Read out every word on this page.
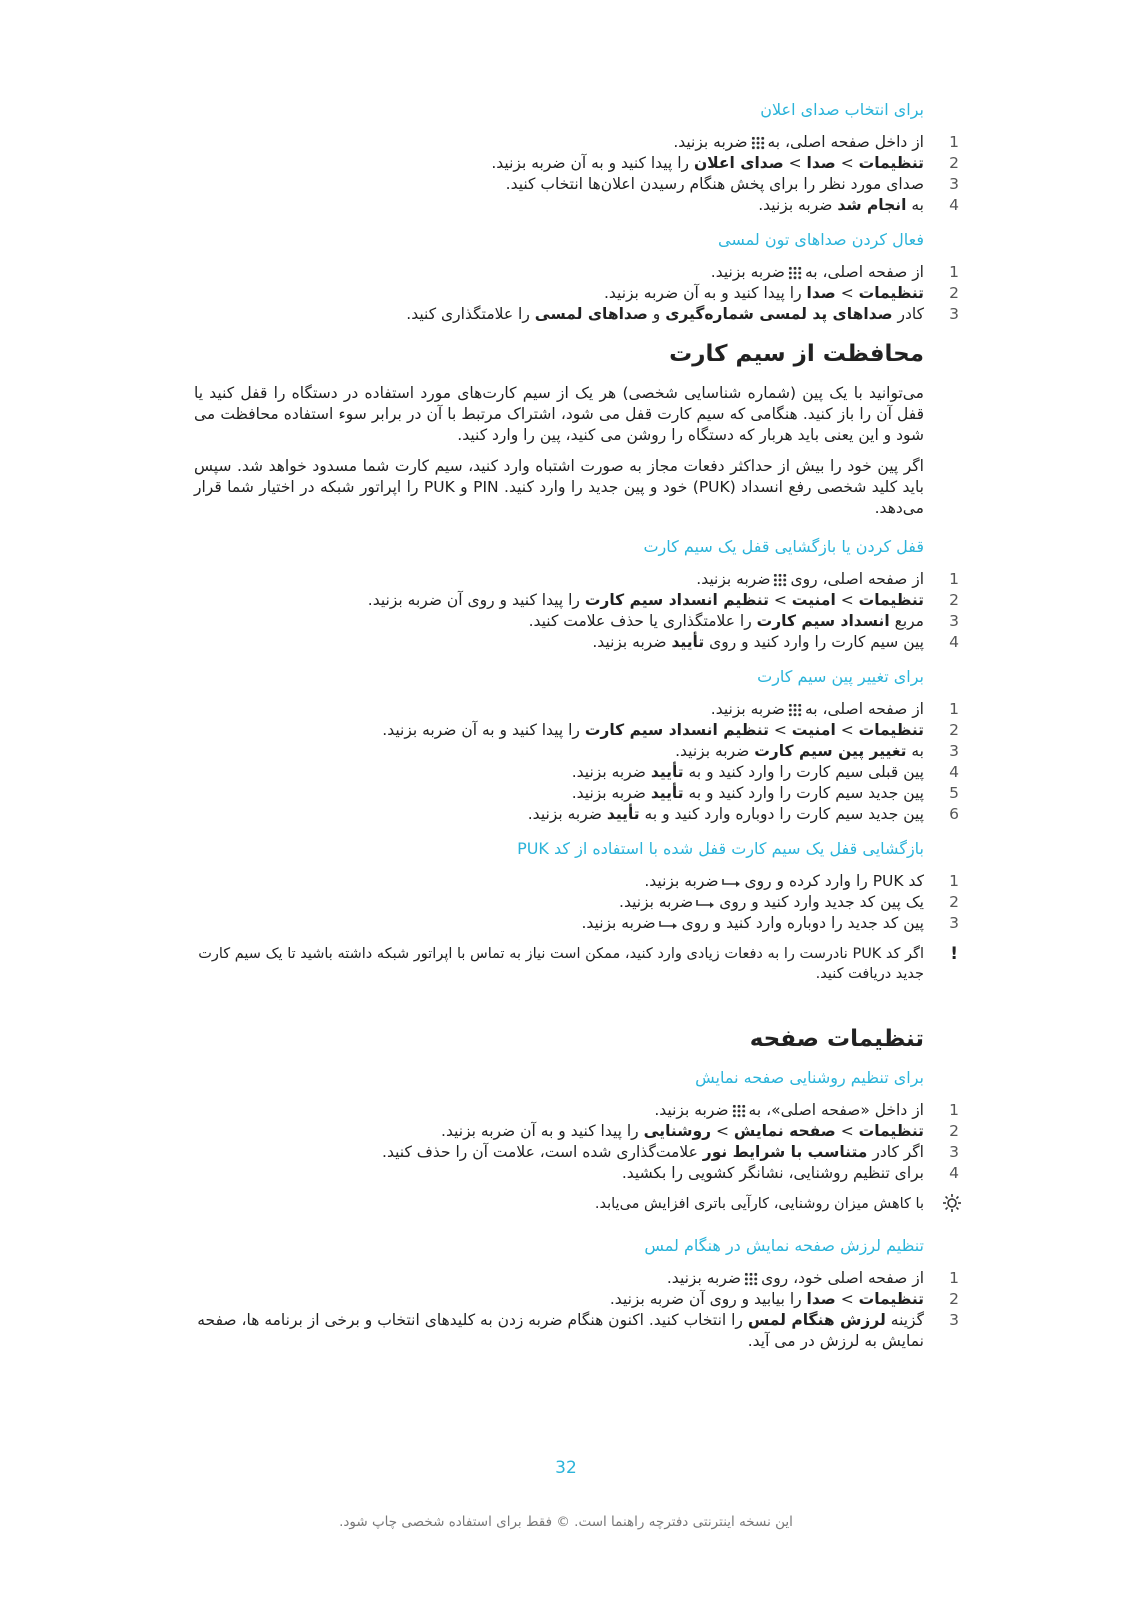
برای انتخاب صدای اعلان
1
از داخل صفحه اصلی، بهضربه بزنید.
2
تنظیمات > صدا > صدای اعلان را پیدا کنید و به آن ضربه بزنید.
3
صدای مورد نظر را برای پخش هنگام رسیدن اعلان‌ها انتخاب کنید.
4
به انجام شد ضربه بزنید.
فعال کردن صداهای تون لمسی
1
از صفحه اصلی، بهضربه بزنید.
2
تنظیمات > صدا را پیدا کنید و به آن ضربه بزنید.
3
کادر صداهای پد لمسی شماره‌گیری و صداهای لمسی را علامتگذاری کنید.
محافظت از سیم کارت

می‌توانید با یک پین (شماره شناسایی شخصی) هر یک از سیم کارت‌های مورد استفاده در دستگاه را قفل کنید یا قفل آن را باز کنید. هنگامی که سیم کارت قفل می شود، اشتراک مرتبط با آن در برابر سوء استفاده محافظت می شود و این یعنی باید هربار که دستگاه را روشن می کنید، پین را وارد کنید.

اگر پین خود را بیش از حداکثر دفعات مجاز به صورت اشتباه وارد کنید، سیم کارت شما مسدود خواهد شد. سپس باید کلید شخصی رفع انسداد (PUK) خود و پین جدید را وارد کنید. PIN و PUK را اپراتور شبکه در اختیار شما قرار می‌دهد.

قفل کردن یا بازگشایی قفل یک سیم کارت
1
از صفحه اصلی، رویضربه بزنید.
2
تنظیمات > امنیت > تنظیم انسداد سیم کارت را پیدا کنید و روی آن ضربه بزنید.
3
مربع انسداد سیم کارت را علامتگذاری یا حذف علامت کنید.
4
پین سیم کارت را وارد کنید و روی تأیید ضربه بزنید.
برای تغییر پین سیم کارت
1
از صفحه اصلی، بهضربه بزنید.
2
تنظیمات > امنیت > تنظیم انسداد سیم کارت را پیدا کنید و به آن ضربه بزنید.
3
به تغییر پین سیم کارت ضربه بزنید.
4
پین قبلی سیم کارت را وارد کنید و به تأیید ضربه بزنید.
5
پین جدید سیم کارت را وارد کنید و به تأیید ضربه بزنید.
6
پین جدید سیم کارت را دوباره وارد کنید و به تأیید ضربه بزنید.
بازگشایی قفل یک سیم کارت قفل شده با استفاده از کد PUK
1
کد PUK را وارد کرده و روی
ضربه بزنید.
2
یک پین کد جدید وارد کنید و روی
ضربه بزنید.
3
پین کد جدید را دوباره وارد کنید و روی
ضربه بزنید.
!
اگر کد PUK نادرست را به دفعات زیادی وارد کنید، ممکن است نیاز به تماس با اپراتور شبکه داشته باشید تا یک سیم کارت جدید دریافت کنید.
تنظیمات صفحه
برای تنظیم روشنایی صفحه نمایش
1
از داخل «صفحه اصلی»، بهضربه بزنید.
2
تنظیمات > صفحه نمایش > روشنایی را پیدا کنید و به آن ضربه بزنید.
3
اگر کادر متناسب با شرایط نور علامت‌گذاری شده است، علامت آن را حذف کنید.
4
برای تنظیم روشنایی، نشانگر کشویی را بکشید.
با کاهش میزان روشنایی، کارآیی باتری افزایش می‌یابد.
تنظیم لرزش صفحه نمایش در هنگام لمس
1
از صفحه اصلی خود، رویضربه بزنید.
2
تنظیمات > صدا را بیابید و روی آن ضربه بزنید.
3
گزینه لرزش هنگام لمس را انتخاب کنید. اکنون هنگام ضربه زدن به کلیدهای انتخاب و برخی از برنامه ها، صفحه نمایش به لرزش در می آید.
32
این نسخه اینترنتی دفترچه راهنما است. © فقط برای استفاده شخصی چاپ شود.
